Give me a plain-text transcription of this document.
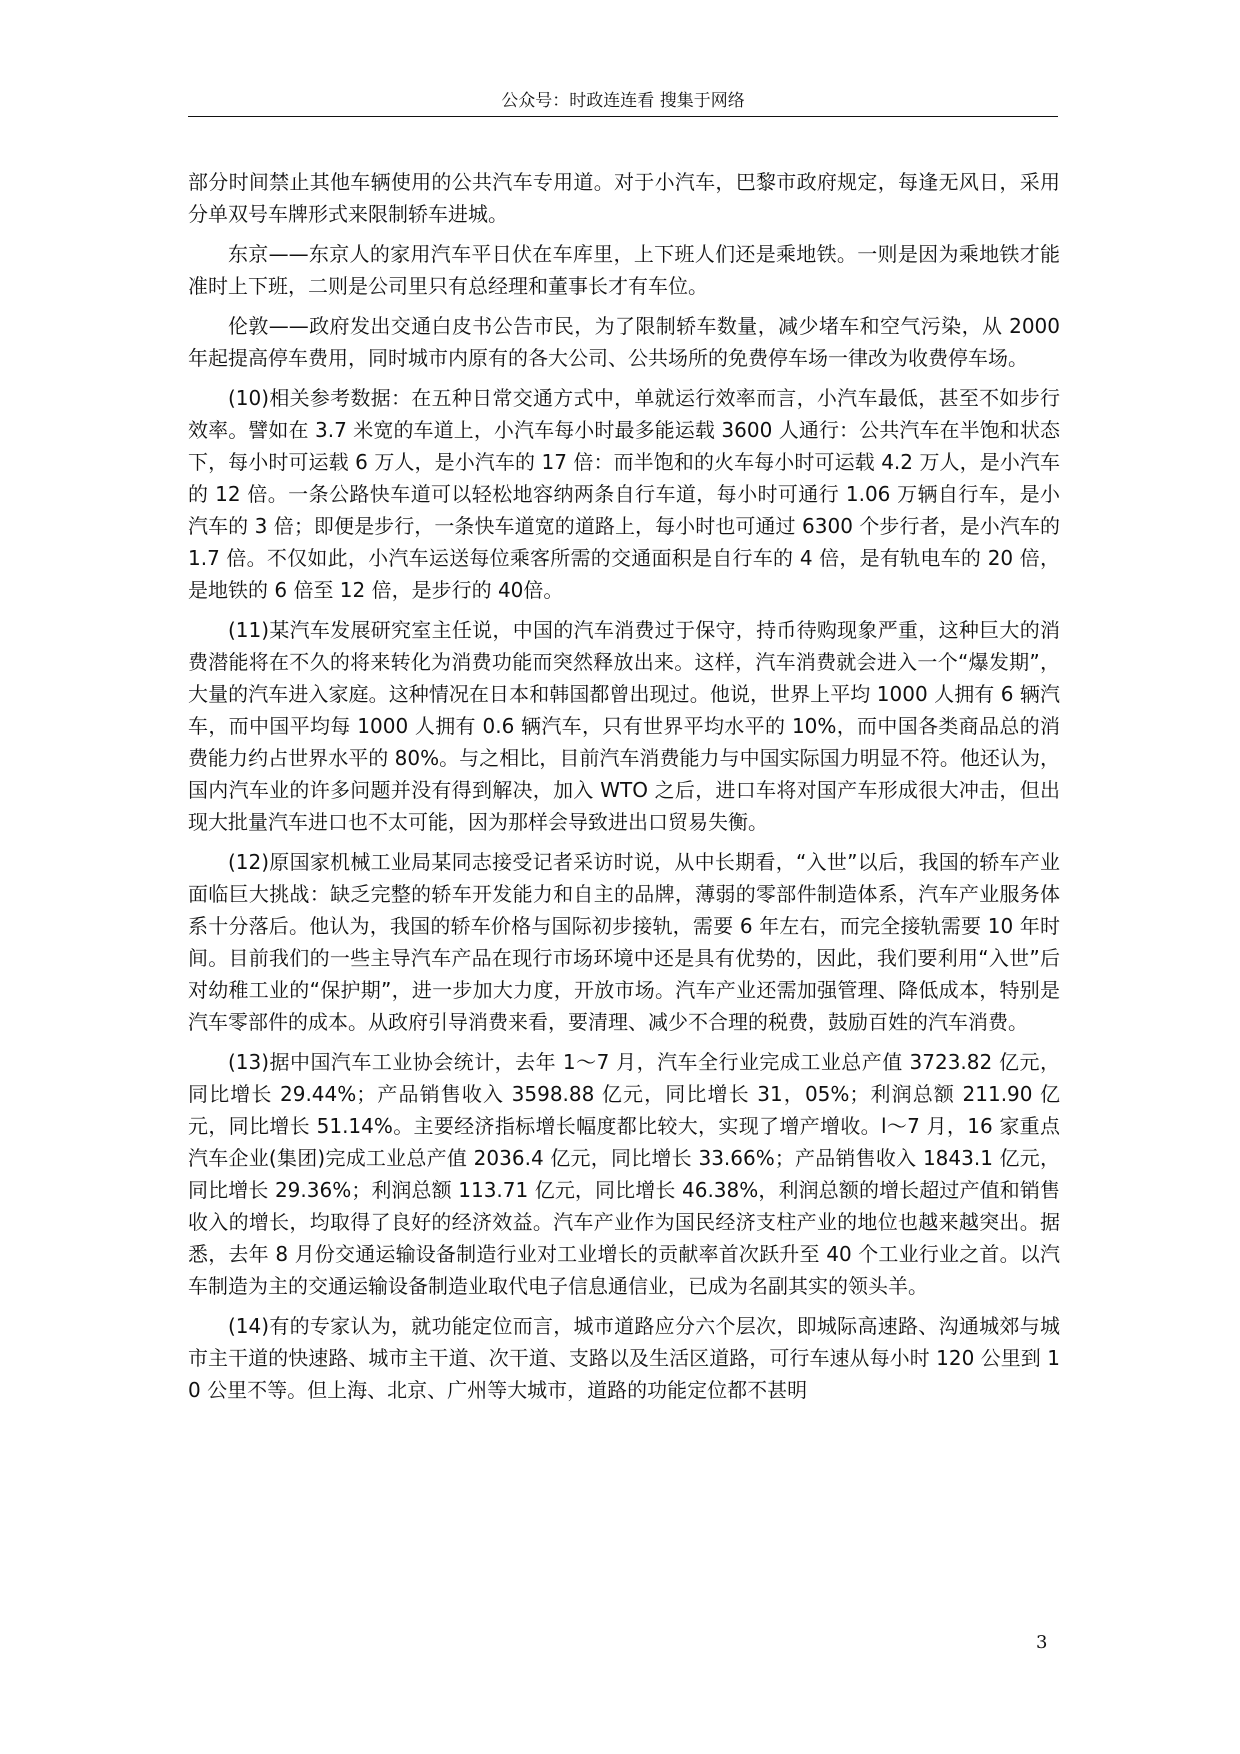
公众号：时政连连看 搜集于网络

部分时间禁止其他车辆使用的公共汽车专用道。对于小汽车，巴黎市政府规定，每逢无风日，采用分单双号车牌形式来限制轿车进城。

东京——东京人的家用汽车平日伏在车库里，上下班人们还是乘地铁。一则是因为乘地铁才能准时上下班，二则是公司里只有总经理和董事长才有车位。

伦敦——政府发出交通白皮书公告市民，为了限制轿车数量，减少堵车和空气污染，从 2000 年起提高停车费用，同时城市内原有的各大公司、公共场所的免费停车场一律改为收费停车场。

(10)相关参考数据：在五种日常交通方式中，单就运行效率而言，小汽车最低，甚至不如步行效率。譬如在 3.7 米宽的车道上，小汽车每小时最多能运载 3600 人通行：公共汽车在半饱和状态下，每小时可运载 6 万人，是小汽车的 17 倍：而半饱和的火车每小时可运载 4.2 万人，是小汽车的 12 倍。一条公路快车道可以轻松地容纳两条自行车道，每小时可通行 1.06 万辆自行车，是小汽车的 3 倍；即便是步行，一条快车道宽的道路上，每小时也可通过 6300 个步行者，是小汽车的 1.7 倍。不仅如此，小汽车运送每位乘客所需的交通面积是自行车的 4 倍，是有轨电车的 20 倍，是地铁的 6 倍至 12 倍，是步行的 40倍。

(11)某汽车发展研究室主任说，中国的汽车消费过于保守，持币待购现象严重，这种巨大的消费潜能将在不久的将来转化为消费功能而突然释放出来。这样，汽车消费就会进入一个“爆发期”，大量的汽车进入家庭。这种情况在日本和韩国都曾出现过。他说，世界上平均 1000 人拥有 6 辆汽车，而中国平均每 1000 人拥有 0.6 辆汽车，只有世界平均水平的 10%，而中国各类商品总的消费能力约占世界水平的 80%。与之相比，目前汽车消费能力与中国实际国力明显不符。他还认为，国内汽车业的许多问题并没有得到解决，加入 WTO 之后，进口车将对国产车形成很大冲击，但出现大批量汽车进口也不太可能，因为那样会导致进出口贸易失衡。

(12)原国家机械工业局某同志接受记者采访时说，从中长期看，“入世”以后，我国的轿车产业面临巨大挑战：缺乏完整的轿车开发能力和自主的品牌，薄弱的零部件制造体系，汽车产业服务体系十分落后。他认为，我国的轿车价格与国际初步接轨，需要 6 年左右，而完全接轨需要 10 年时间。目前我们的一些主导汽车产品在现行市场环境中还是具有优势的，因此，我们要利用“入世”后对幼稚工业的“保护期”，进一步加大力度，开放市场。汽车产业还需加强管理、降低成本，特别是汽车零部件的成本。从政府引导消费来看，要清理、减少不合理的税费，鼓励百姓的汽车消费。

(13)据中国汽车工业协会统计，去年 1～7 月，汽车全行业完成工业总产值 3723.82 亿元，同比增长 29.44%；产品销售收入 3598.88 亿元，同比增长 31，05%；利润总额 211.90 亿元，同比增长 51.14%。主要经济指标增长幅度都比较大，实现了增产增收。l～7 月，16 家重点汽车企业(集团)完成工业总产值 2036.4 亿元，同比增长 33.66%；产品销售收入 1843.1 亿元，同比增长 29.36%；利润总额 113.71 亿元，同比增长 46.38%，利润总额的增长超过产值和销售收入的增长，均取得了良好的经济效益。汽车产业作为国民经济支柱产业的地位也越来越突出。据悉，去年 8 月份交通运输设备制造行业对工业增长的贡献率首次跃升至 40 个工业行业之首。以汽车制造为主的交通运输设备制造业取代电子信息通信业，已成为名副其实的领头羊。

(14)有的专家认为，就功能定位而言，城市道路应分六个层次，即城际高速路、沟通城郊与城市主干道的快速路、城市主干道、次干道、支路以及生活区道路，可行车速从每小时 120 公里到 10 公里不等。但上海、北京、广州等大城市，道路的功能定位都不甚明

3
